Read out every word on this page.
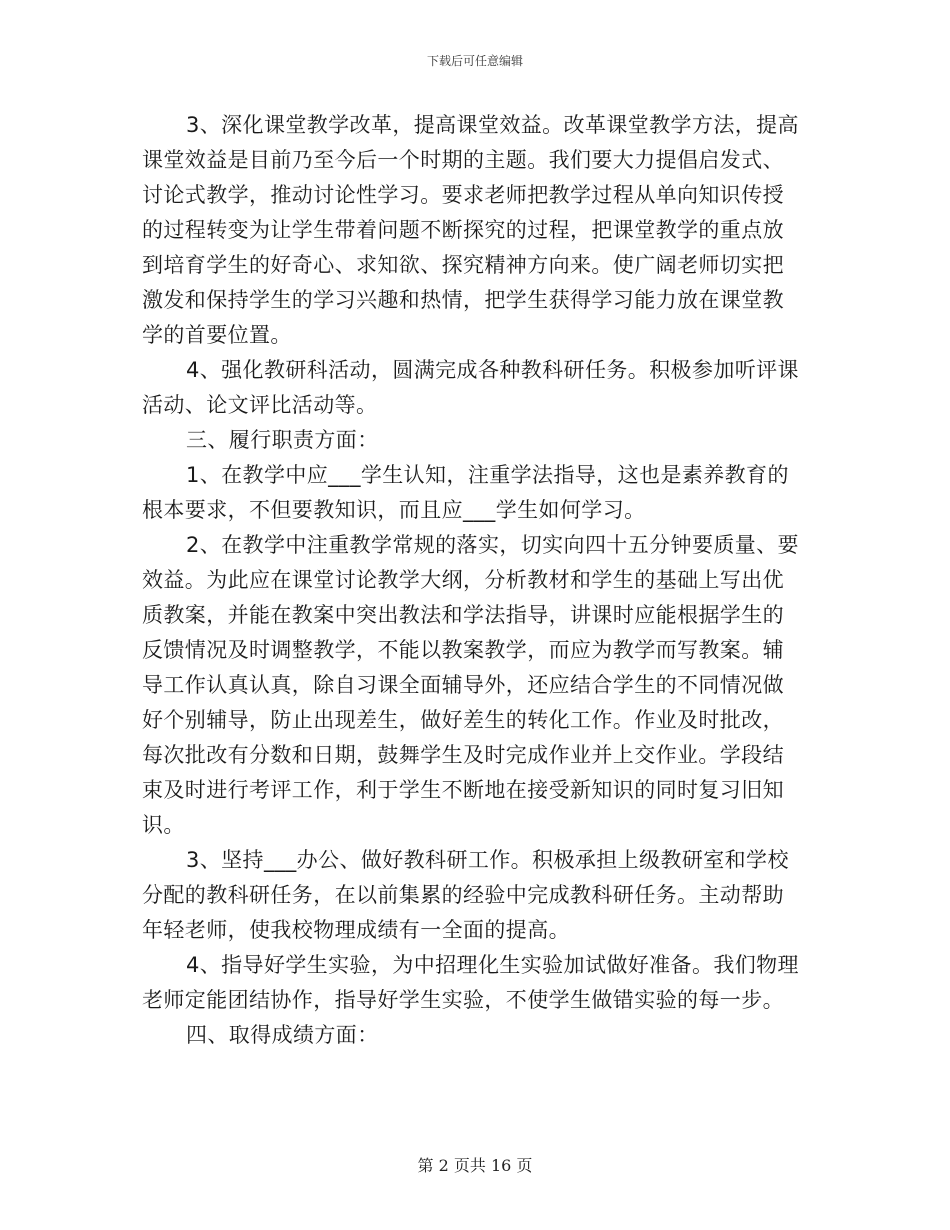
下载后可任意编辑
3、深化课堂教学改革，提高课堂效益。改革课堂教学方法，提高
课堂效益是目前乃至今后一个时期的主题。我们要大力提倡启发式、
讨论式教学，推动讨论性学习。要求老师把教学过程从单向知识传授
的过程转变为让学生带着问题不断探究的过程，把课堂教学的重点放
到培育学生的好奇心、求知欲、探究精神方向来。使广阔老师切实把
激发和保持学生的学习兴趣和热情，把学生获得学习能力放在课堂教
学的首要位置。
4、强化教研科活动，圆满完成各种教科研任务。积极参加听评课
活动、论文评比活动等。
三、履行职责方面：
1、在教学中应___学生认知，注重学法指导，这也是素养教育的
根本要求，不但要教知识，而且应___学生如何学习。
2、在教学中注重教学常规的落实，切实向四十五分钟要质量、要
效益。为此应在课堂讨论教学大纲，分析教材和学生的基础上写出优
质教案，并能在教案中突出教法和学法指导，讲课时应能根据学生的
反馈情况及时调整教学，不能以教案教学，而应为教学而写教案。辅
导工作认真认真，除自习课全面辅导外，还应结合学生的不同情况做
好个别辅导，防止出现差生，做好差生的转化工作。作业及时批改，
每次批改有分数和日期，鼓舞学生及时完成作业并上交作业。学段结
束及时进行考评工作，利于学生不断地在接受新知识的同时复习旧知
识。
3、坚持___办公、做好教科研工作。积极承担上级教研室和学校
分配的教科研任务，在以前集累的经验中完成教科研任务。主动帮助
年轻老师，使我校物理成绩有一全面的提高。
4、指导好学生实验，为中招理化生实验加试做好准备。我们物理
老师定能团结协作，指导好学生实验，不使学生做错实验的每一步。
四、取得成绩方面：
第 2 页共 16 页
